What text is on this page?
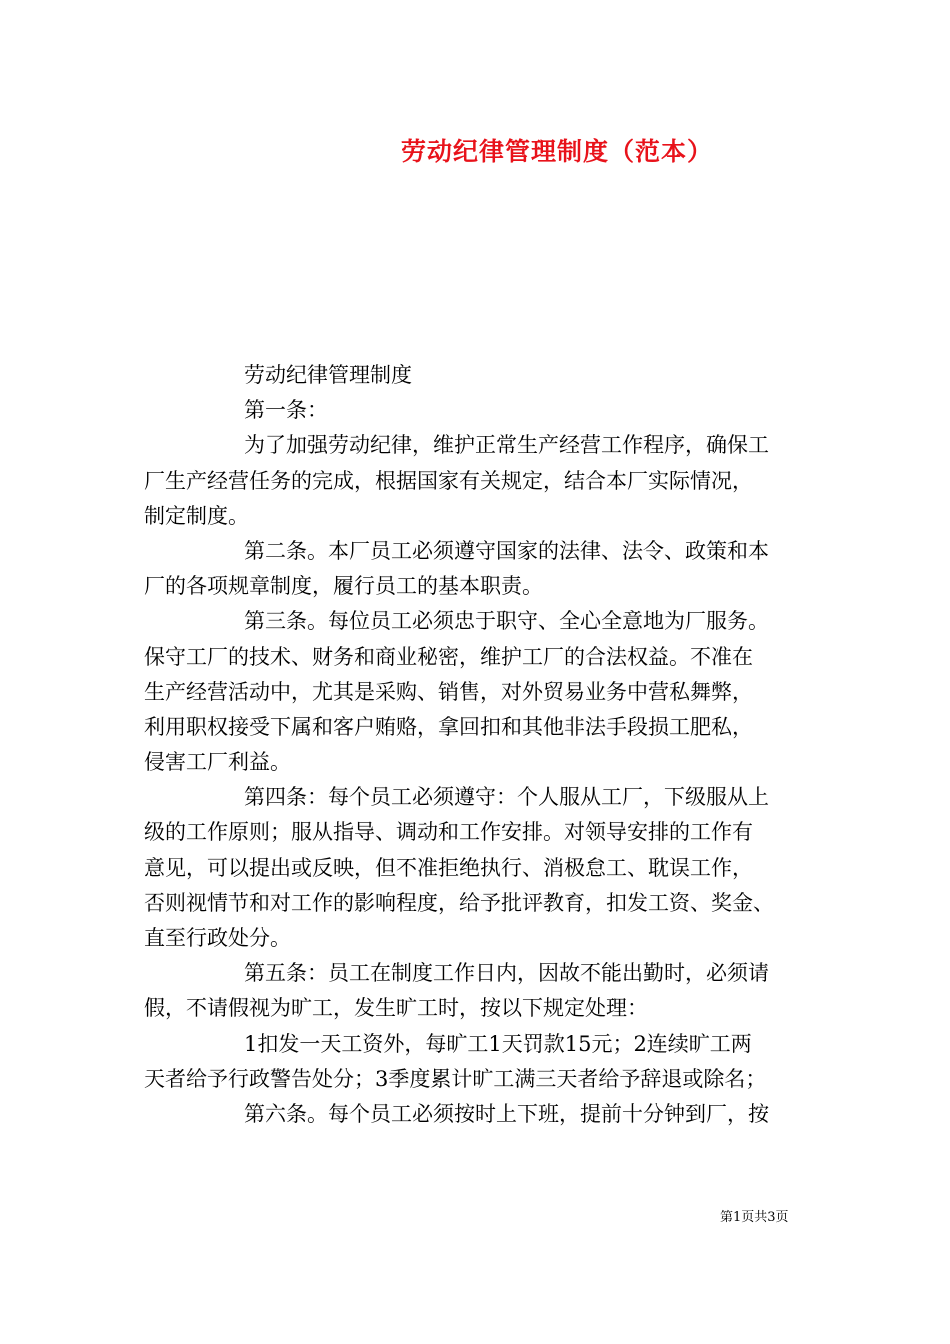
劳动纪律管理制度（范本）
劳动纪律管理制度
第一条：
为了加强劳动纪律，维护正常生产经营工作程序，确保工
厂生产经营任务的完成，根据国家有关规定，结合本厂实际情况，
制定制度。
第二条。本厂员工必须遵守国家的法律、法令、政策和本
厂的各项规章制度，履行员工的基本职责。
第三条。每位员工必须忠于职守、全心全意地为厂服务。
保守工厂的技术、财务和商业秘密，维护工厂的合法权益。不准在
生产经营活动中，尤其是采购、销售，对外贸易业务中营私舞弊，
利用职权接受下属和客户贿赂，拿回扣和其他非法手段损工肥私，
侵害工厂利益。
第四条：每个员工必须遵守：个人服从工厂，下级服从上
级的工作原则；服从指导、调动和工作安排。对领导安排的工作有
意见，可以提出或反映，但不准拒绝执行、消极怠工、耽误工作，
否则视情节和对工作的影响程度，给予批评教育，扣发工资、奖金、
直至行政处分。
第五条：员工在制度工作日内，因故不能出勤时，必须请
假，不请假视为旷工，发生旷工时，按以下规定处理：
1扣发一天工资外，每旷工1天罚款15元；2连续旷工两
天者给予行政警告处分；3季度累计旷工满三天者给予辞退或除名；
第六条。每个员工必须按时上下班，提前十分钟到厂，按
第1页共3页
